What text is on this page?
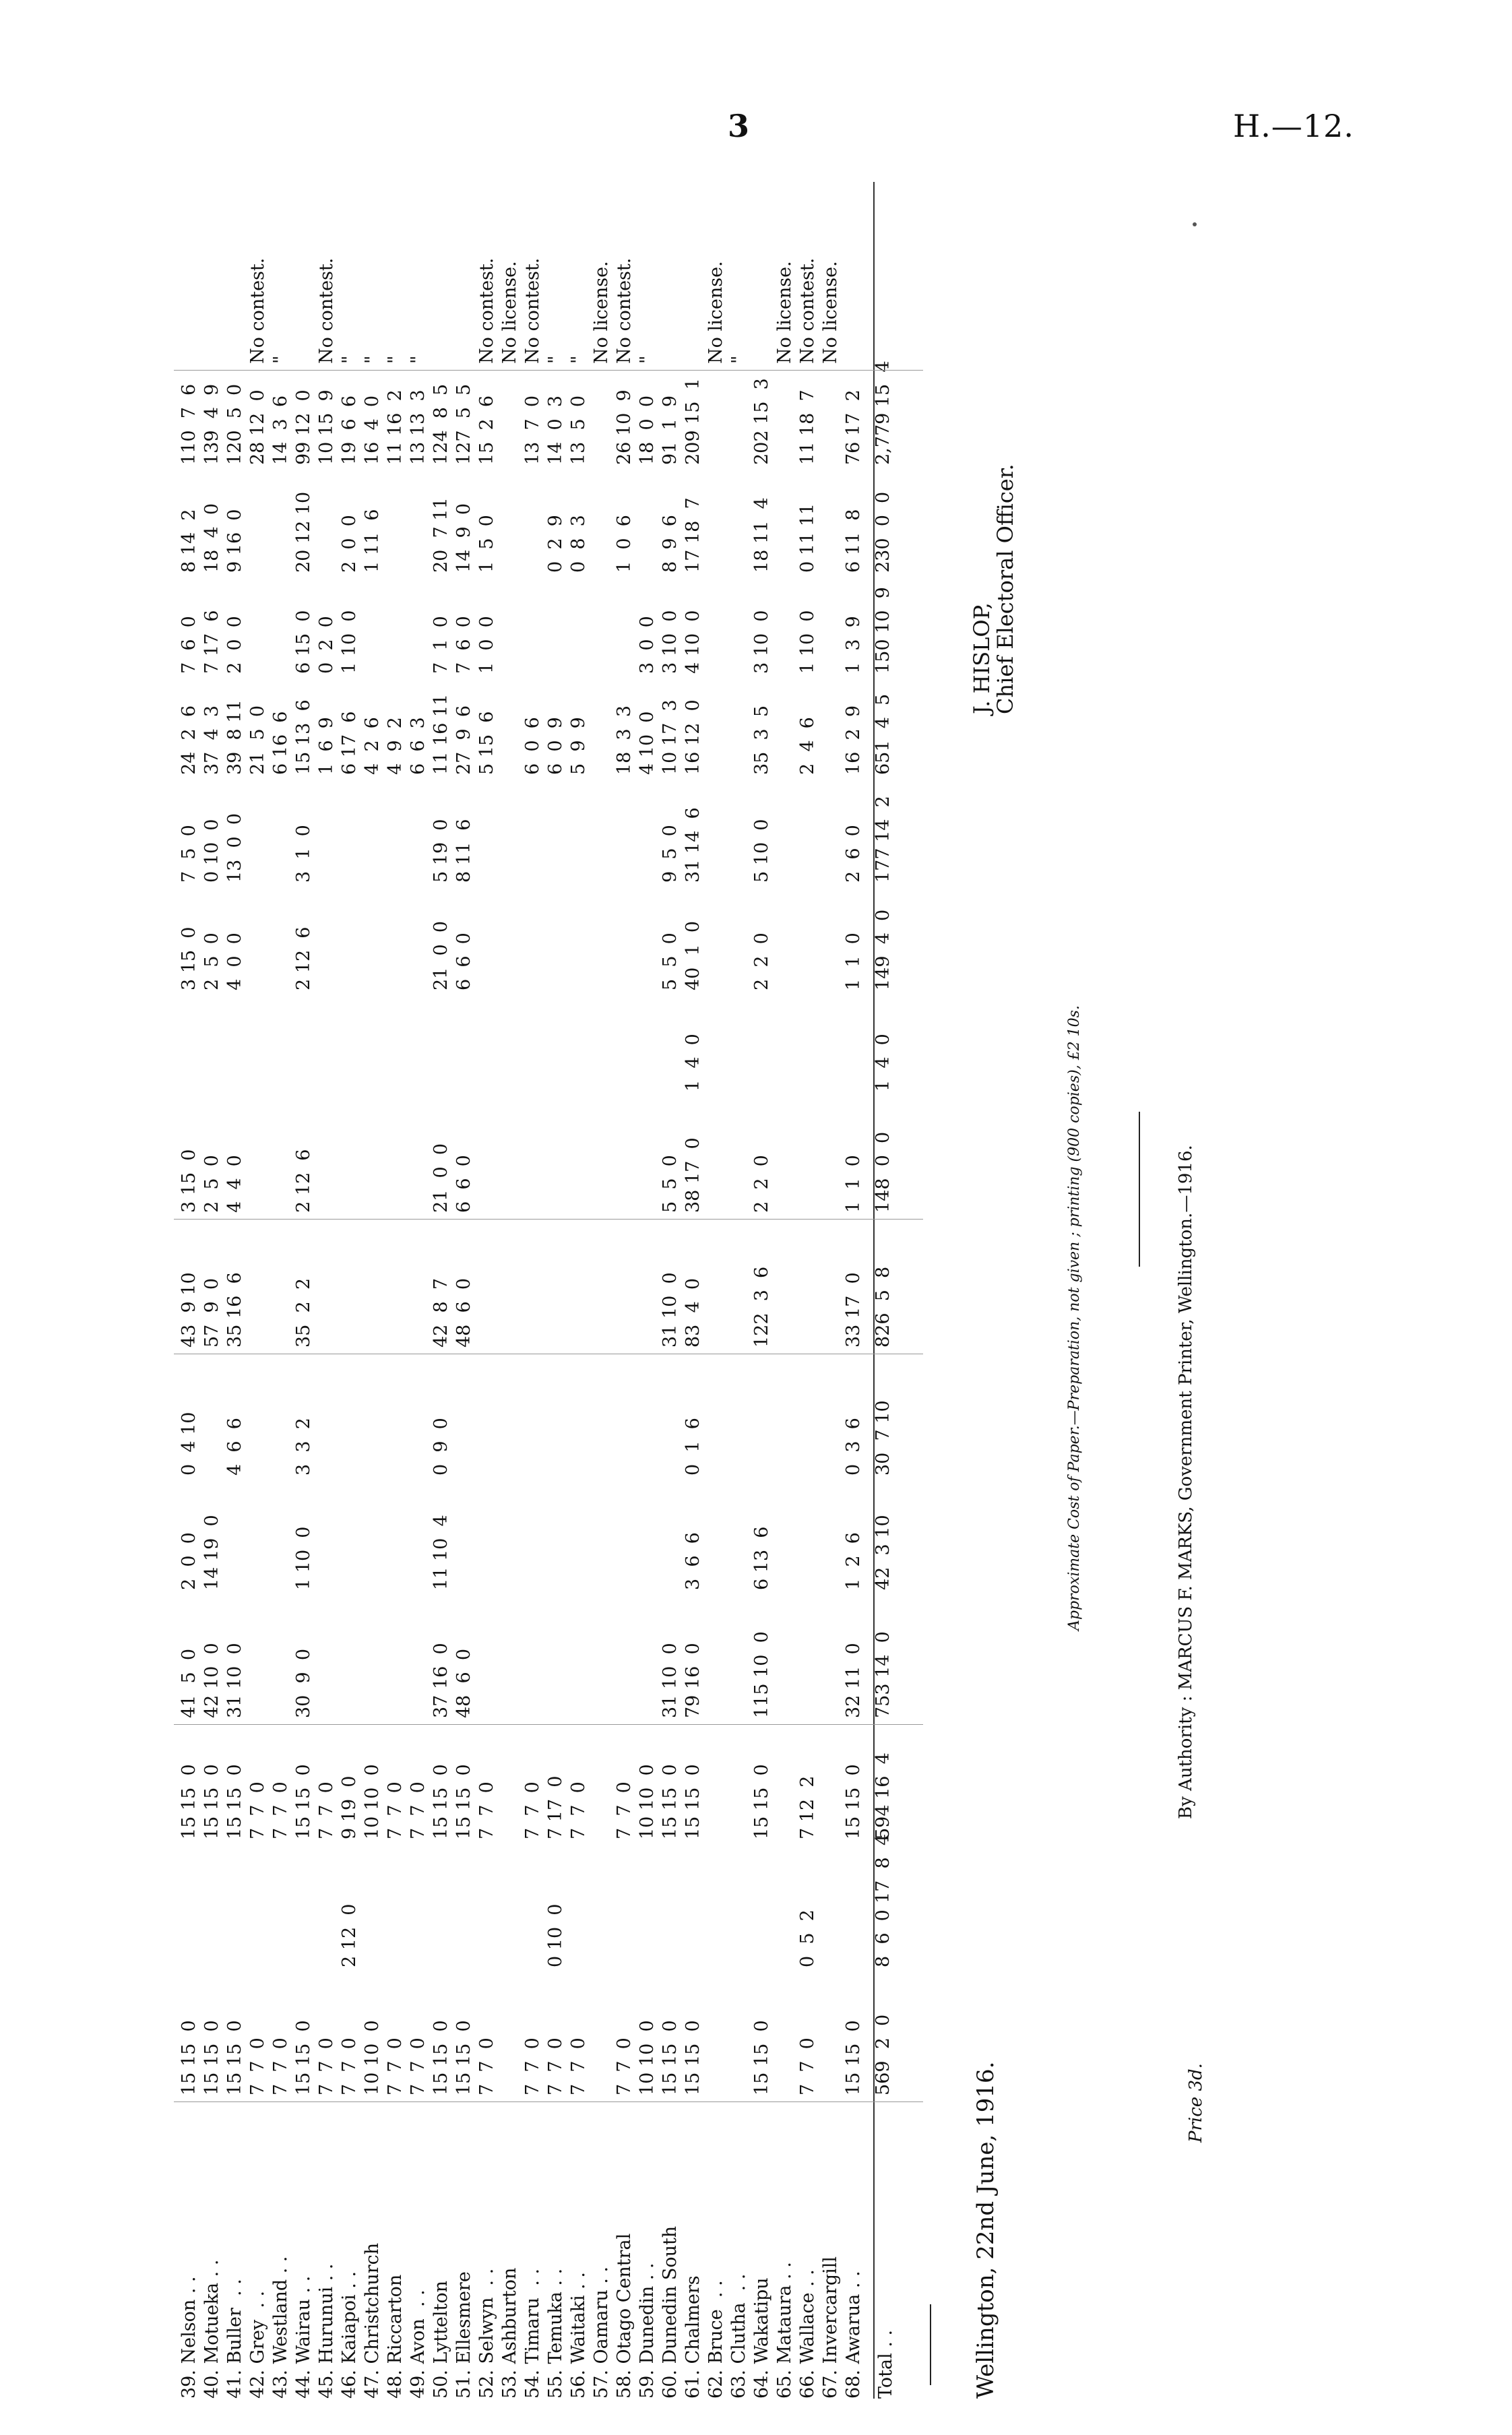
3	H.—12.
39. Nelson . .
15 15  0
15 15  0
41  5  0
2  0  0
0  4 10
43  9 10
3 15  0
3 15  0
7  5  0
24  2  6
7  6  0
8 14  2
110  7  6
40. Motueka . .
15 15  0
15 15  0
42 10  0
14 19  0
57  9  0
2  5  0
2  5  0
0 10  0
37  4  3
7 17  6
18  4  0
139  4  9
41. Buller  . .
15 15  0
15 15  0
31 10  0
4  6  6
35 16  6
4  4  0
4  0  0
13  0  0
39  8 11
2  0  0
9 16  0
120  5  0
42. Grey  . .
7  7  0
7  7  0
21  5  0
28 12  0
No contest.
43. Westland . .
7  7  0
7  7  0
6 16  6
14  3  6
"
44. Wairau . .
15 15  0
15 15  0
30  9  0
1 10  0
3  3  2
35  2  2
2 12  6
2 12  6
3  1  0
15 13  6
6 15  0
20 12 10
99 12  0
45. Hurunui . .
7  7  0
7  7  0
1  6  9
0  2  0
10 15  9
No contest.
46. Kaiapoi . .
7  7  0
2 12  0
9 19  0
6 17  6
1 10  0
2  0  0
19  6  6
"
47. Christchurch
10 10  0
10 10  0
4  2  6
1 11  6
16  4  0
"
48. Riccarton
7  7  0
7  7  0
4  9  2
11 16  2
"
49. Avon  . .
7  7  0
7  7  0
6  6  3
13 13  3
"
50. Lyttelton
15 15  0
15 15  0
37 16  0
11 10  4
0  9  0
42  8  7
21  0  0
21  0  0
5 19  0
11 16 11
7  1  0
20  7 11
124  8  5
51. Ellesmere
15 15  0
15 15  0
48  6  0
48  6  0
6  6  0
6  6  0
8 11  6
27  9  6
7  6  0
14  9  0
127  5  5
52. Selwyn  . .
7  7  0
7  7  0
5 15  6
1  0  0
1  5  0
15  2  6
No contest.
53. Ashburton
No license.
54. Timaru  . .
7  7  0
7  7  0
6  0  6
13  7  0
No contest.
55. Temuka . .
7  7  0
0 10  0
7 17  0
6  0  9
0  2  9
14  0  3
"
56. Waitaki . .
7  7  0
7  7  0
5  9  9
0  8  3
13  5  0
"
57. Oamaru . .
No license.
58. Otago Central
7  7  0
7  7  0
18  3  3
1  0  6
26 10  9
No contest.
59. Dunedin . .
10 10  0
10 10  0
4 10  0
3  0  0
18  0  0
"
60. Dunedin South
15 15  0
15 15  0
31 10  0
31 10  0
5  5  0
5  5  0
9  5  0
10 17  3
3 10  0
8  9  6
91  1  9
61. Chalmers
15 15  0
15 15  0
79 16  0
3  6  6
0  1  6
83  4  0
38 17  0
1  4  0
40  1  0
31 14  6
16 12  0
4 10  0
17 18  7
209 15  1
62. Bruce  . .
No license.
63. Clutha  . .
"
64. Wakatipu
15 15  0
15 15  0
115 10  0
6 13  6
122  3  6
2  2  0
2  2  0
5 10  0
35  3  5
3 10  0
18 11  4
202 15  3
65. Mataura . .
No license.
66. Wallace . .
7  7  0
0  5  2
7 12  2
2  4  6
1 10  0
0 11 11
11 18  7
No contest.
67. Invercargill
No license.
68. Awarua . .
15 15  0
15 15  0
32 11  0
1  2  6
0  3  6
33 17  0
1  1  0
1  1  0
2  6  0
16  2  9
1  3  9
6 11  8
76 17  2
Total . .
569  2  0
8  6  0
594 16  4
753 14  0
42  3 10
30  7 10
826  5  8
148  0  0
1  4  0
149  4  0
177 14  2
651  4  5
150 10  9
230  0  0
2,779 15  4
17  8  4
Wellington, 22nd June, 1916.
J. HISLOP,
Chief Electoral Officer.
Approximate Cost of Paper.—Preparation, not given ; printing (900 copies), £2 10s.	By Authority : MARCUS F. MARKS, Government Printer, Wellington.—1916.
Price 3d.
